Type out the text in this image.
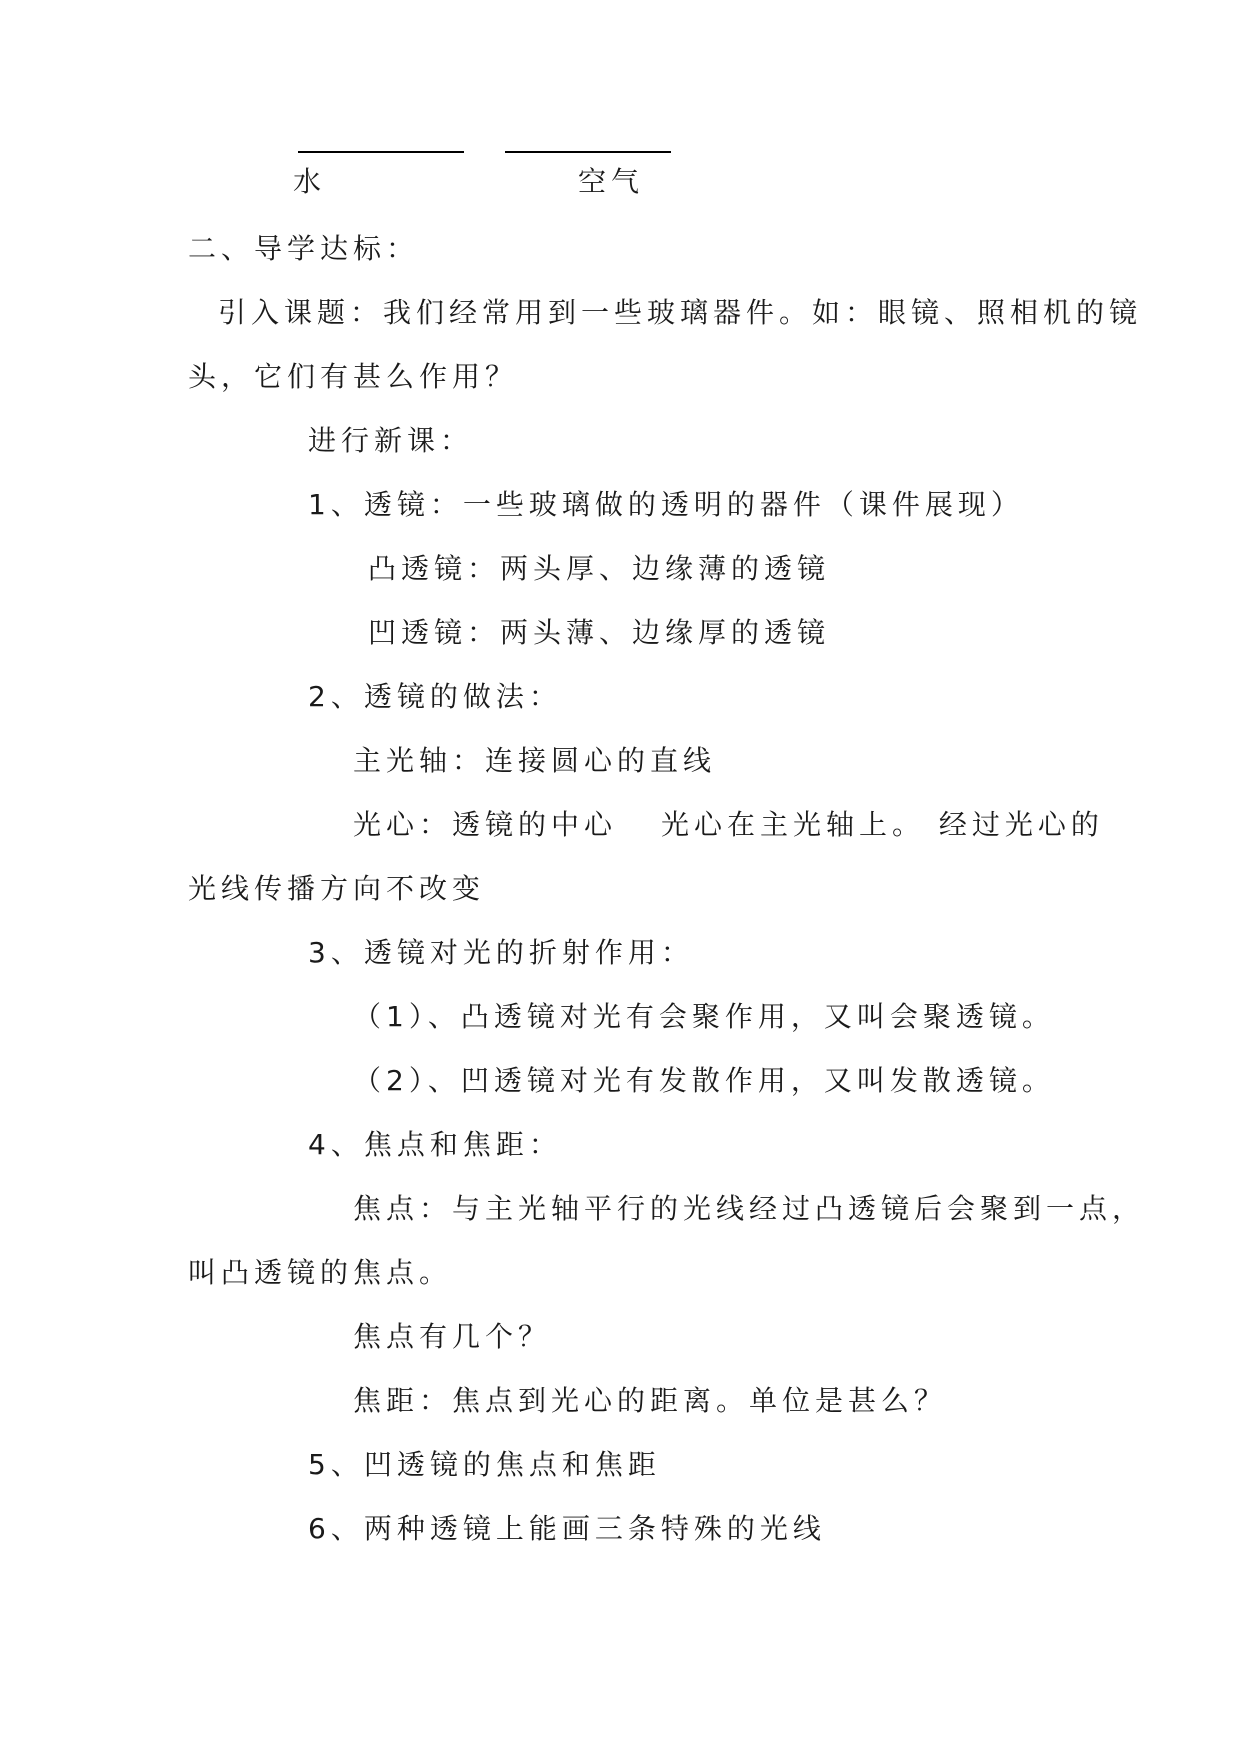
水	空气
二、导学达标：
引入课题：我们经常用到一些玻璃器件。如：眼镜、照相机的镜
头，它们有甚么作用？
进行新课：
1、透镜：一些玻璃做的透明的器件（课件展现）
凸透镜：两头厚、边缘薄的透镜
凹透镜：两头薄、边缘厚的透镜
2、透镜的做法：
主光轴：连接圆心的直线
光心：透镜的中心 光心在主光轴上。 经过光心的
光线传播方向不改变
3、透镜对光的折射作用：
（1）、凸透镜对光有会聚作用，又叫会聚透镜。
（2）、凹透镜对光有发散作用，又叫发散透镜。
4、焦点和焦距：
焦点：与主光轴平行的光线经过凸透镜后会聚到一点，
叫凸透镜的焦点。
焦点有几个？
焦距：焦点到光心的距离。单位是甚么？
5、凹透镜的焦点和焦距
6、两种透镜上能画三条特殊的光线
